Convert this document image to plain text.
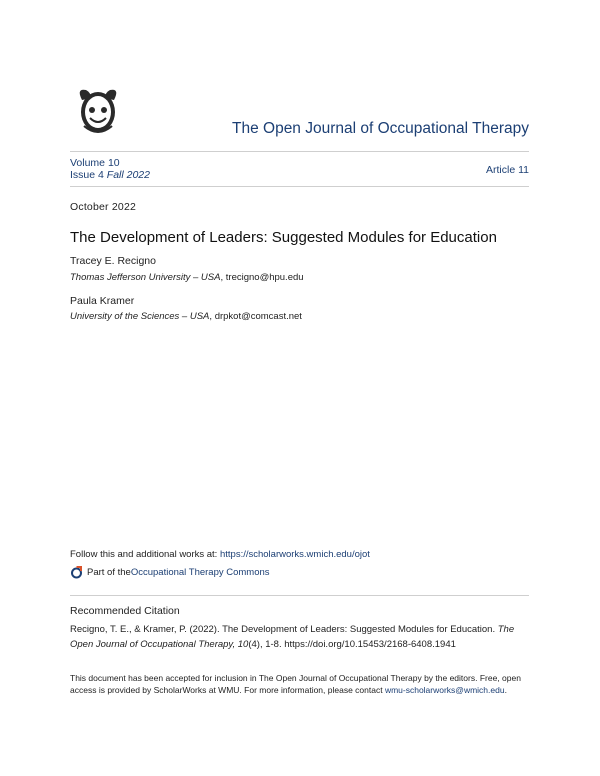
The Open Journal of Occupational Therapy
Volume 10
Issue 4 Fall 2022	Article 11
October 2022
The Development of Leaders: Suggested Modules for Education
Tracey E. Recigno
Thomas Jefferson University – USA, trecigno@hpu.edu
Paula Kramer
University of the Sciences – USA, drpkot@comcast.net
Follow this and additional works at: https://scholarworks.wmich.edu/ojot
Part of the Occupational Therapy Commons
Recommended Citation
Recigno, T. E., & Kramer, P. (2022). The Development of Leaders: Suggested Modules for Education. The Open Journal of Occupational Therapy, 10(4), 1-8. https://doi.org/10.15453/2168-6408.1941
This document has been accepted for inclusion in The Open Journal of Occupational Therapy by the editors. Free, open access is provided by ScholarWorks at WMU. For more information, please contact wmu-scholarworks@wmich.edu.
